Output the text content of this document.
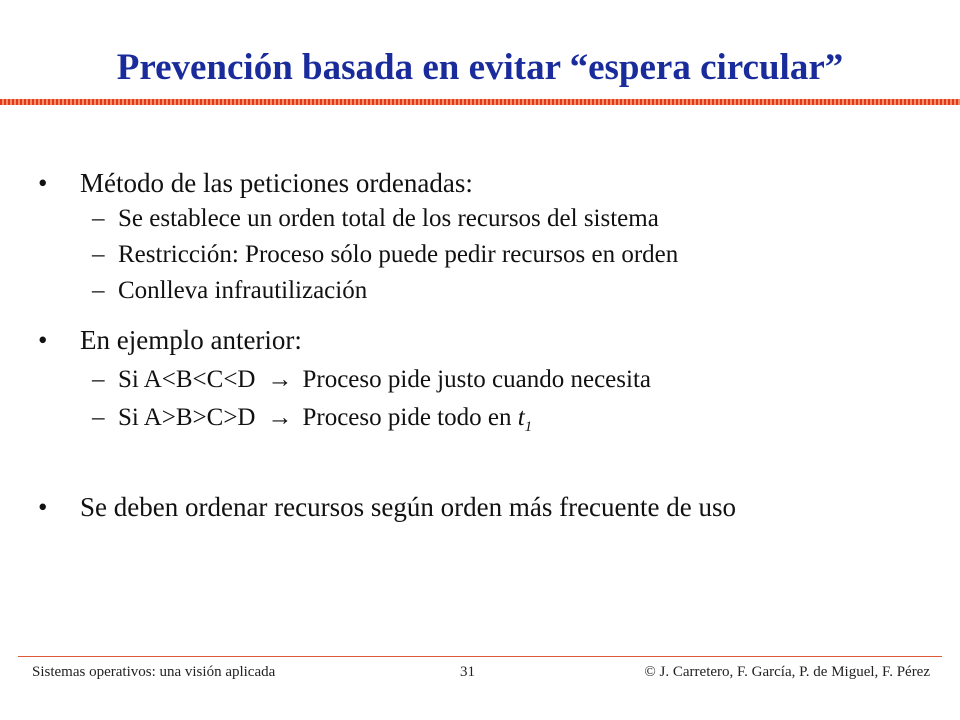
Prevención basada en evitar “espera circular”
• Método de las peticiones ordenadas:
– Se establece un orden total de los recursos del sistema
– Restricción: Proceso sólo puede pedir recursos en orden
– Conlleva infrautilización
• En ejemplo anterior:
– Si A<B<C<D → Proceso pide justo cuando necesita
– Si A>B>C>D → Proceso pide todo en $t_1$
• Se deben ordenar recursos según orden más frecuente de uso
Sistemas operativos: una visión aplicada	31	© J. Carretero, F. García, P. de Miguel, F. Pérez
